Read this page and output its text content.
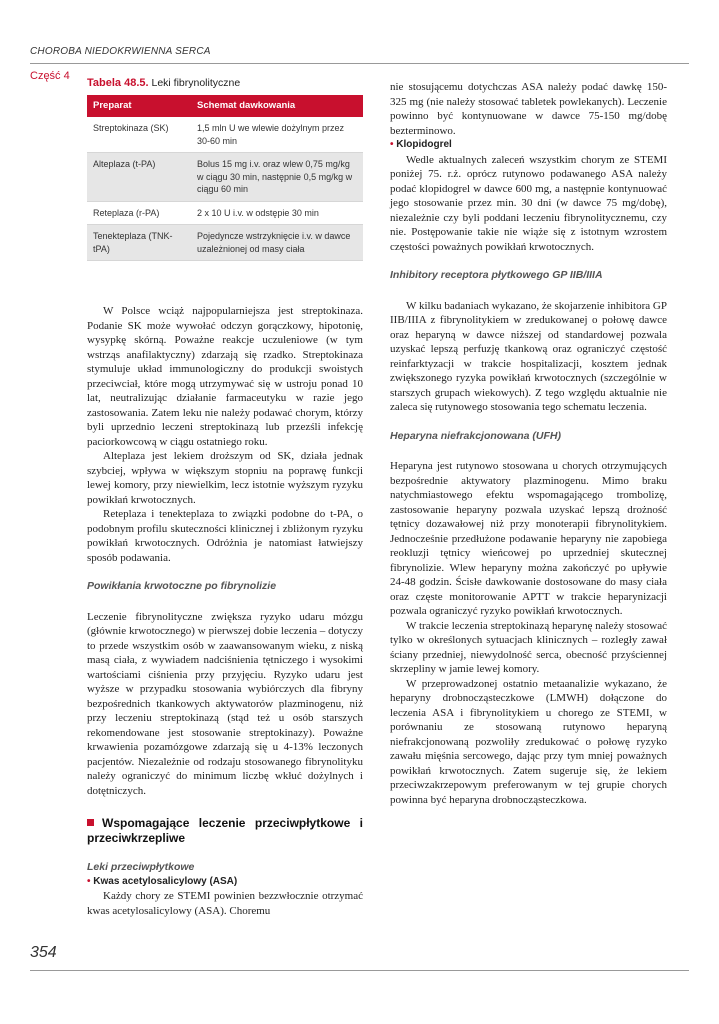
CHOROBA NIEDOKRWIENNA SERCA
Część 4
Tabela 48.5. Leki fibrynolityczne
Preparat	Schemat dawkowania
Streptokinaza (SK)	1,5 mln U we wlewie dożylnym przez 30-60 min
Alteplaza (t-PA)	Bolus 15 mg i.v. oraz wlew 0,75 mg/kg w ciągu 30 min, następnie 0,5 mg/kg w ciągu 60 min
Reteplaza (r-PA)	2 x 10 U i.v. w odstępie 30 min
Tenekteplaza (TNK-tPA)	Pojedyncze wstrzyknięcie i.v. w dawce uzależnionej od masy ciała

W Polsce wciąż najpopularniejsza jest streptokinaza. Podanie SK może wywołać odczyn gorączkowy, hipotonię, wysypkę skórną. Poważne reakcje uczuleniowe (w tym wstrząs anafilaktyczny) zdarzają się rzadko. Streptokinaza stymuluje układ immunologiczny do produkcji swoistych przeciwciał, które mogą utrzymywać się w ustroju ponad 10 lat, neutralizując działanie farmaceutyku w razie jego zastosowania. Zatem leku nie należy podawać chorym, którzy byli uprzednio leczeni streptokinazą lub przezśli infekcję paciorkowcową w ciągu ostatniego roku.

Alteplaza jest lekiem droższym od SK, działa jednak szybciej, wpływa w większym stopniu na poprawę funkcji lewej komory, przy niewielkim, lecz istotnie wyższym ryzyku powikłań krwotocznych.

Reteplaza i tenekteplaza to związki podobne do t-PA, o podobnym profilu skuteczności klinicznej i zbliżonym ryzyku powikłań krwotocznych. Odróżnia je natomiast łatwiejszy sposób podawania.

Powikłania krwotoczne po fibrynolizie

Leczenie fibrynolityczne zwiększa ryzyko udaru mózgu (głównie krwotocznego) w pierwszej dobie leczenia – dotyczy to przede wszystkim osób w zaawansowanym wieku, z niską masą ciała, z wywiadem nadciśnienia tętniczego i wysokimi wartościami ciśnienia przy przyjęciu. Ryzyko udaru jest wyższe w przypadku stosowania wybiórczych dla fibryny bezpośrednich tkankowych aktywatorów plazminogenu, niż przy leczeniu streptokinazą (stąd też u osób starszych rekomendowane jest stosowanie streptokinazy). Poważne krwawienia pozamózgowe zdarzają się u 4-13% leczonych pacjentów. Niezależnie od rodzaju stosowanego fibrynolityku należy ograniczyć do minimum liczbę wkłuć dożylnych i dotętniczych.

Wspomagające leczenie przeciwpłytkowe i przeciwkrzepliwe
Leki przeciwpłytkowe
• Kwas acetylosalicylowy (ASA)

Każdy chory ze STEMI powinien bezzwłocznie otrzymać kwas acetylosalicylowy (ASA). Choremu

nie stosującemu dotychczas ASA należy podać dawkę 150-325 mg (nie należy stosować tabletek powlekanych). Leczenie powinno być kontynuowane w dawce 75-150 mg/dobę bezterminowo.

• Klopidogrel

Wedle aktualnych zaleceń wszystkim chorym ze STEMI poniżej 75. r.ż. oprócz rutynowo podawanego ASA należy podać klopidogrel w dawce 600 mg, a następnie kontynuować jego stosowanie przez min. 30 dni (w dawce 75 mg/dobę), niezależnie czy byli poddani leczeniu fibrynolitycznemu, czy nie. Postępowanie takie nie wiąże się z istotnym wzrostem częstości poważnych powikłań krwotocznych.

Inhibitory receptora płytkowego GP IIB/IIIA

W kilku badaniach wykazano, że skojarzenie inhibitora GP IIB/IIIA z fibrynolitykiem w zredukowanej o połowę dawce oraz heparyną w dawce niższej od standardowej pozwala uzyskać lepszą perfuzję tkankową oraz ograniczyć częstość reinfarktyzacji w trakcie hospitalizacji, kosztem jednak zwiększonego ryzyka powikłań krwotocznych (szczególnie w starszych grupach wiekowych). Z tego względu aktualnie nie zaleca się rutynowego stosowania tego schematu leczenia.

Heparyna niefrakcjonowana (UFH)

Heparyna jest rutynowo stosowana u chorych otrzymujących bezpośrednie aktywatory plazminogenu. Mimo braku natychmiastowego efektu wspomagającego trombolizę, zastosowanie heparyny pozwala uzyskać lepszą drożność tętnicy dozawałowej niż przy monoterapii fibrynolitykiem. Jednocześnie przedłużone podawanie heparyny nie zapobiega reokluzji tętnicy wieńcowej po uprzedniej skutecznej fibrynolizie. Wlew heparyny można zakończyć po upływie 24-48 godzin. Ścisłe dawkowanie dostosowane do masy ciała oraz częste monitorowanie APTT w trakcie heparynizacji pozwala ograniczyć ryzyko powikłań krwotocznych.

W trakcie leczenia streptokinazą heparynę należy stosować tylko w określonych sytuacjach klinicznych – rozległy zawał ściany przedniej, niewydolność serca, obecność przyściennej skrzepliny w jamie lewej komory.

W przeprowadzonej ostatnio metaanalizie wykazano, że heparyny drobnocząsteczkowe (LMWH) dołączone do leczenia ASA i fibrynolitykiem u chorego ze STEMI, w porównaniu ze stosowaną rutynowo heparyną niefrakcjonowaną pozwoliły zredukować o połowę ryzyko zawału mięśnia sercowego, dając przy tym mniej poważnych powikłań krwotocznych. Zatem sugeruje się, że lekiem przeciwzakrzepowym preferowanym w tej grupie chorych powinna być heparyna drobnocząsteczkowa.

354
